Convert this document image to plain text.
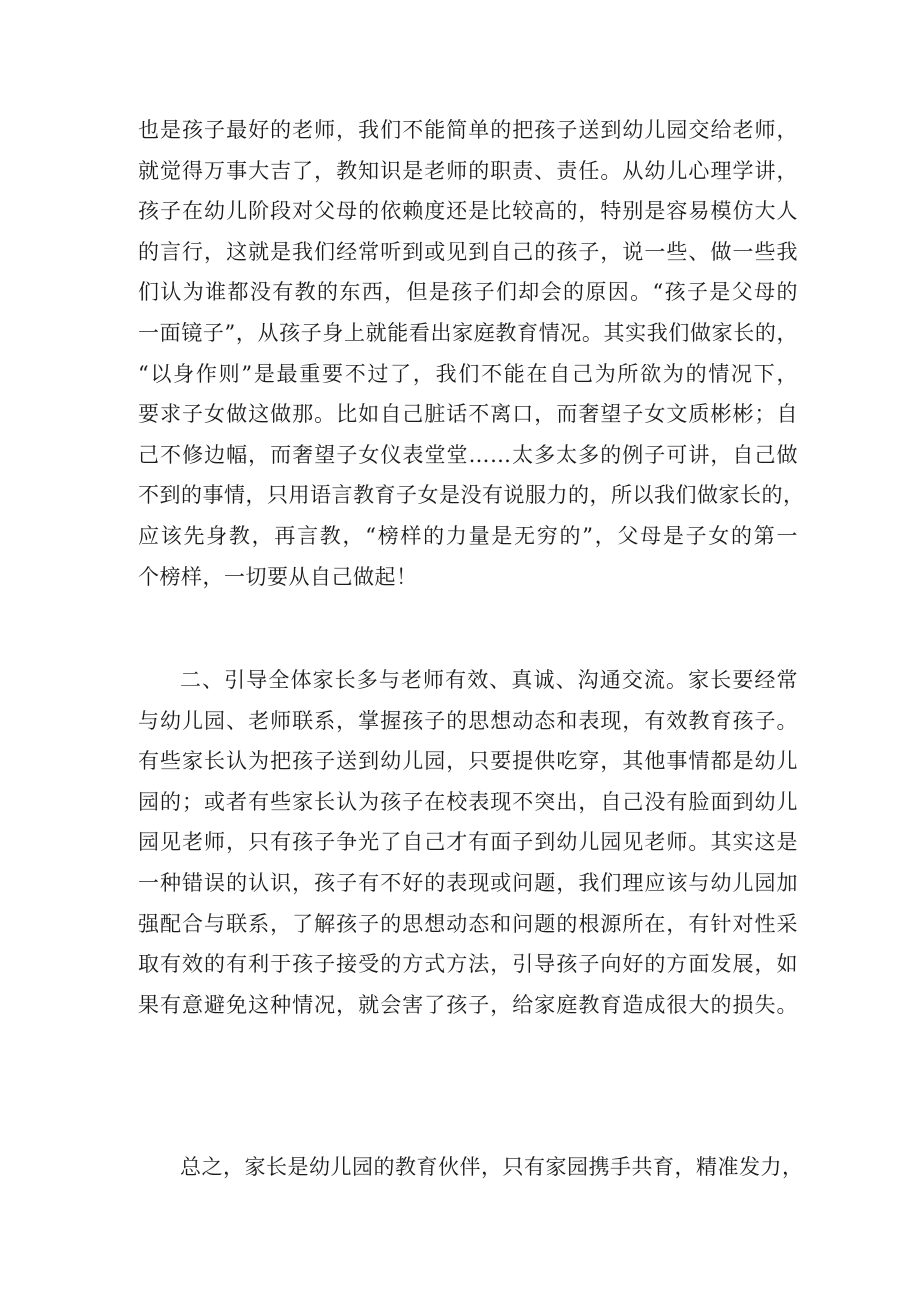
也是孩子最好的老师，我们不能简单的把孩子送到幼儿园交给老师，
就觉得万事大吉了，教知识是老师的职责、责任。从幼儿心理学讲，
孩子在幼儿阶段对父母的依赖度还是比较高的，特别是容易模仿大人
的言行，这就是我们经常听到或见到自己的孩子，说一些、做一些我
们认为谁都没有教的东西，但是孩子们却会的原因。“孩子是父母的
一面镜子”，从孩子身上就能看出家庭教育情况。其实我们做家长的，
“以身作则”是最重要不过了，我们不能在自己为所欲为的情况下，
要求子女做这做那。比如自己脏话不离口，而奢望子女文质彬彬；自
己不修边幅，而奢望子女仪表堂堂……太多太多的例子可讲，自己做
不到的事情，只用语言教育子女是没有说服力的，所以我们做家长的，
应该先身教，再言教，“榜样的力量是无穷的”，父母是子女的第一
个榜样，一切要从自己做起！
二、引导全体家长多与老师有效、真诚、沟通交流。家长要经常
与幼儿园、老师联系，掌握孩子的思想动态和表现，有效教育孩子。
有些家长认为把孩子送到幼儿园，只要提供吃穿，其他事情都是幼儿
园的；或者有些家长认为孩子在校表现不突出，自己没有脸面到幼儿
园见老师，只有孩子争光了自己才有面子到幼儿园见老师。其实这是
一种错误的认识，孩子有不好的表现或问题，我们理应该与幼儿园加
强配合与联系，了解孩子的思想动态和问题的根源所在，有针对性采
取有效的有利于孩子接受的方式方法，引导孩子向好的方面发展，如
果有意避免这种情况，就会害了孩子，给家庭教育造成很大的损失。
总之，家长是幼儿园的教育伙伴，只有家园携手共育，精准发力，
